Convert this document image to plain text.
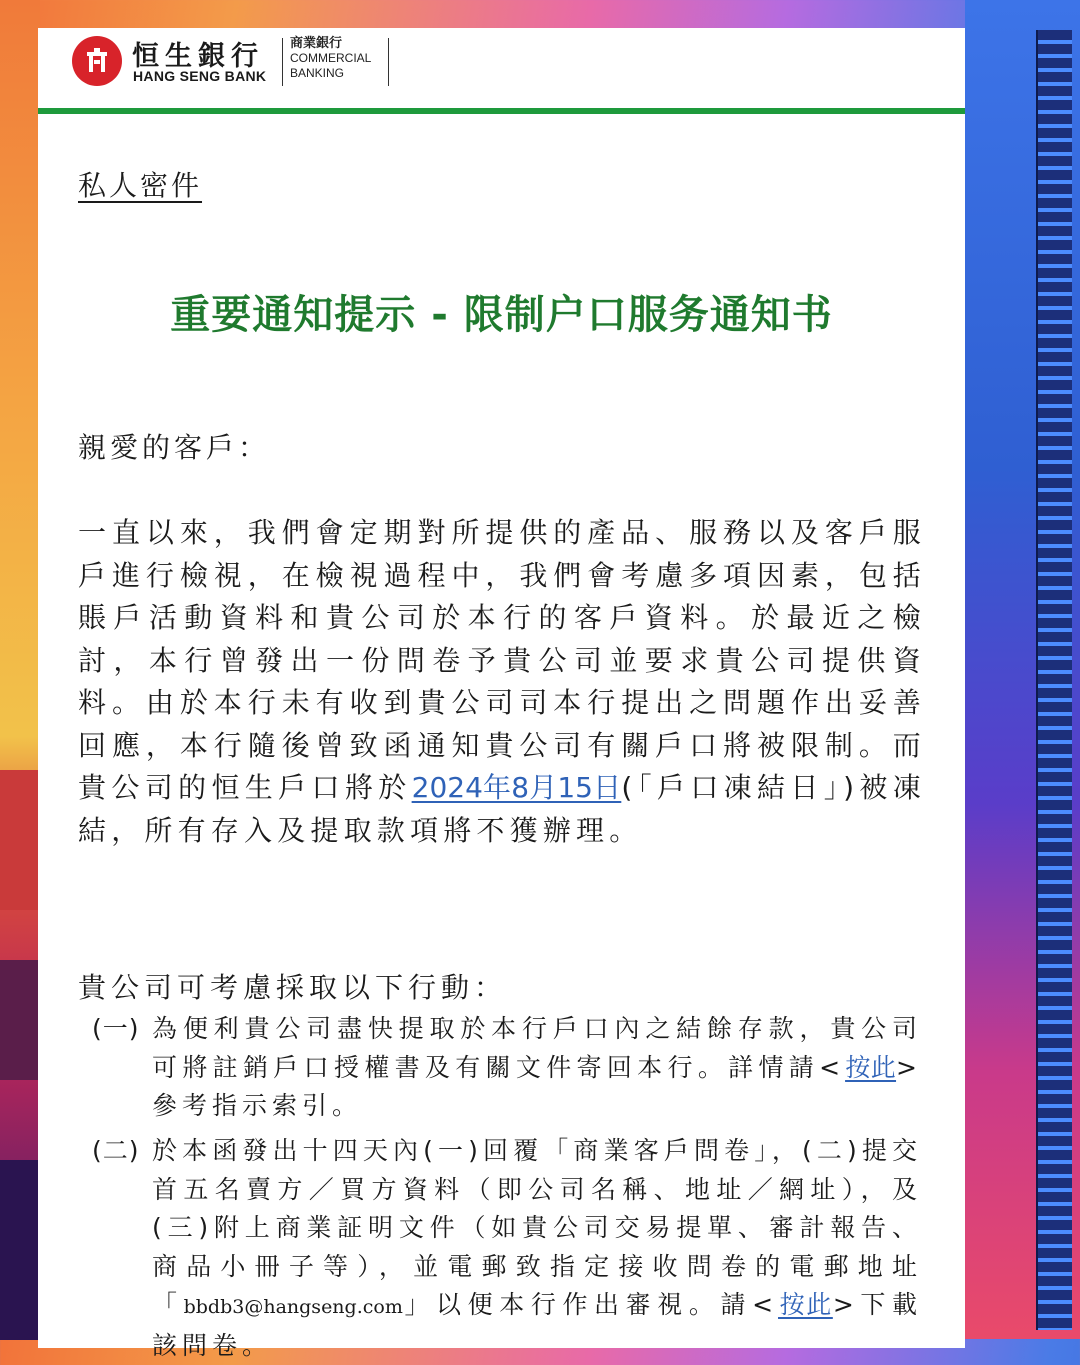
恒生銀行
HANG SENG BANK
商業銀行
COMMERCIAL
BANKING
私人密件
重要通知提示 - 限制户口服务通知书
親愛的客戶：
一直以來，我們會定期對所提供的產品、服務以及客戶服戶進行檢視，在檢視過程中，我們會考慮多項因素，包括賬戶活動資料和貴公司於本行的客戶資料。於最近之檢討，本行曾發出一份問卷予貴公司並要求貴公司提供資料。由於本行未有收到貴公司司本行提出之問題作出妥善回應，本行隨後曾致函通知貴公司有關戶口將被限制。而貴公司的恒生戶口將於2024年8月15日(「戶口凍結日」)被凍結，所有存入及提取款項將不獲辦理。
貴公司可考慮採取以下行動：
(一) 為便利貴公司盡快提取於本行戶口內之結餘存款，貴公司可將註銷戶口授權書及有關文件寄回本行。詳情請<按此>參考指示索引。
(二) 於本函發出十四天內(一)回覆「商業客戶問卷」，(二)提交首五名賣方／買方資料（即公司名稱、地址／網址），及(三)附上商業証明文件（如貴公司交易提單、審計報告、商品小冊子等），並電郵致指定接收問卷的電郵地址「bbdb3@hangseng.com」以便本行作出審視。請<按此>下載該問卷。
